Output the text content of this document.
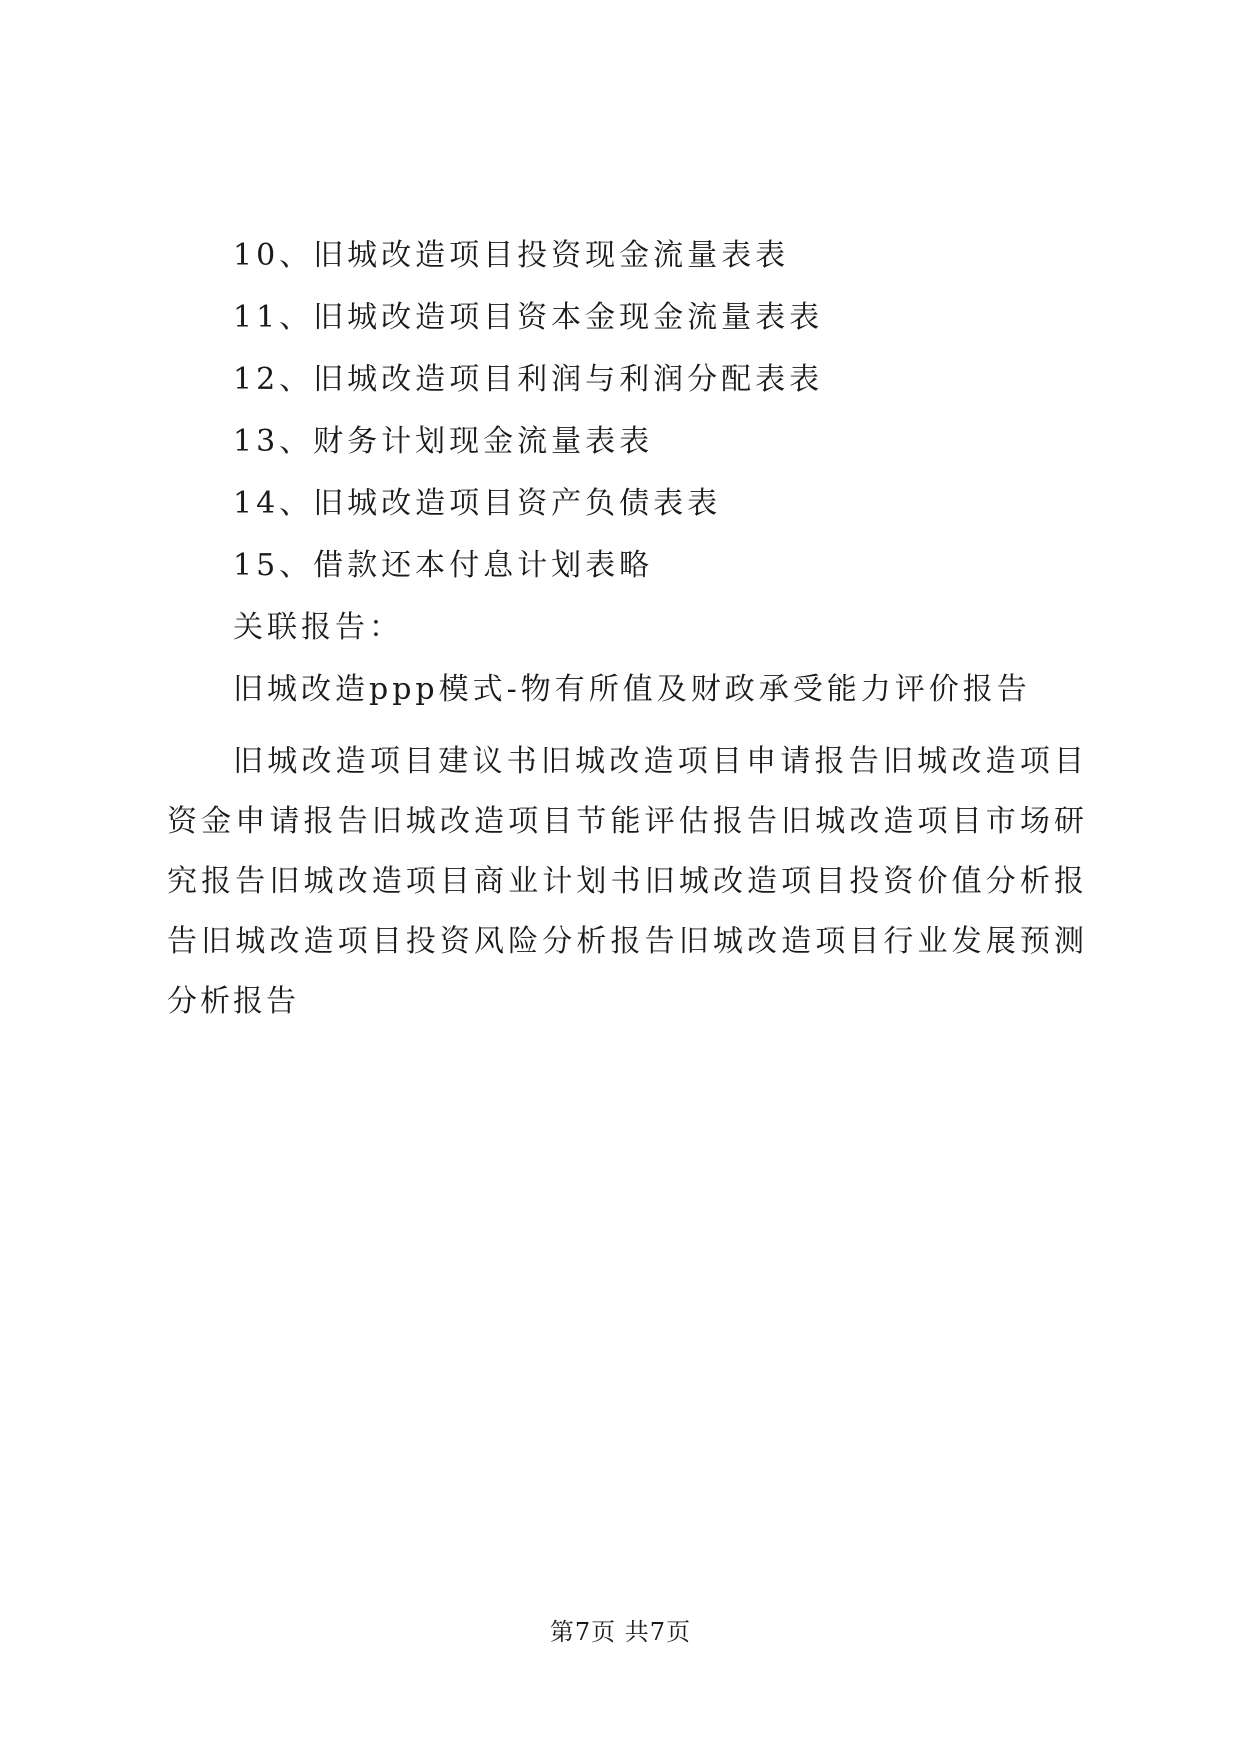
10、旧城改造项目投资现金流量表表
11、旧城改造项目资本金现金流量表表
12、旧城改造项目利润与利润分配表表
13、财务计划现金流量表表
14、旧城改造项目资产负债表表
15、借款还本付息计划表略
关联报告：
旧城改造ppp模式-物有所值及财政承受能力评价报告
旧城改造项目建议书旧城改造项目申请报告旧城改造项目资金申请报告旧城改造项目节能评估报告旧城改造项目市场研究报告旧城改造项目商业计划书旧城改造项目投资价值分析报告旧城改造项目投资风险分析报告旧城改造项目行业发展预测分析报告
第7页 共7页
